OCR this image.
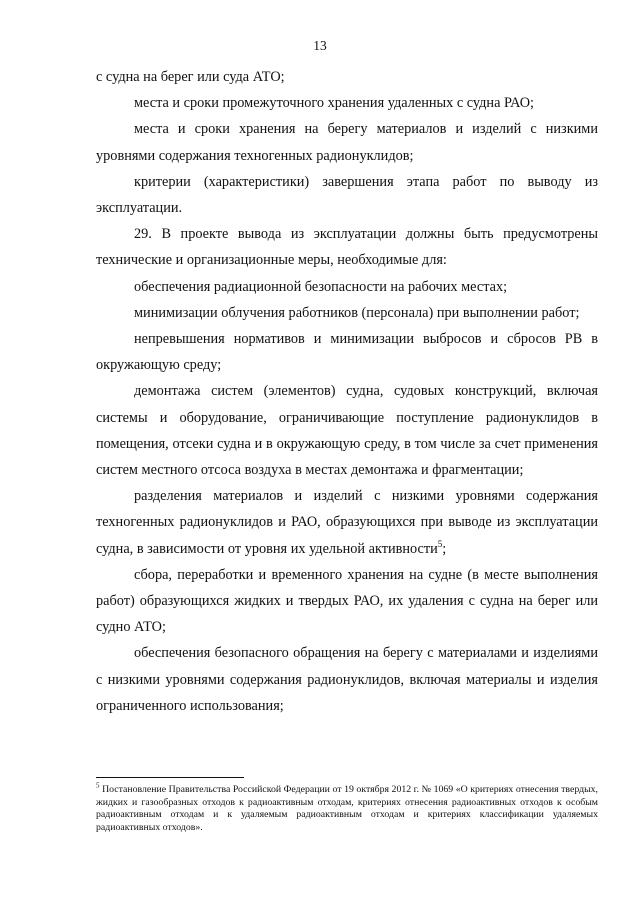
13

с судна на берег или суда АТО;

места и сроки промежуточного хранения удаленных с судна РАО;

места и сроки хранения на берегу материалов и изделий с низкими уровнями содержания техногенных радионуклидов;

критерии (характеристики) завершения этапа работ по выводу из эксплуатации.

29. В проекте вывода из эксплуатации должны быть предусмотрены технические и организационные меры, необходимые для:

обеспечения радиационной безопасности на рабочих местах;

минимизации облучения работников (персонала) при выполнении работ;

непревышения нормативов и минимизации выбросов и сбросов РВ в окружающую среду;

демонтажа систем (элементов) судна, судовых конструкций, включая системы и оборудование, ограничивающие поступление радионуклидов в помещения, отсеки судна и в окружающую среду, в том числе за счет применения систем местного отсоса воздуха в местах демонтажа и фрагментации;

разделения материалов и изделий с низкими уровнями содержания техногенных радионуклидов и РАО, образующихся при выводе из эксплуатации судна, в зависимости от уровня их удельной активности$^5$;

сбора, переработки и временного хранения на судне (в месте выполнения работ) образующихся жидких и твердых РАО, их удаления с судна на берег или судно АТО;

обеспечения безопасного обращения на берегу с материалами и изделиями с низкими уровнями содержания радионуклидов, включая материалы и изделия ограниченного использования;

$^5$ Постановление Правительства Российской Федерации от 19 октября 2012 г. № 1069 «О критериях отнесения твердых, жидких и газообразных отходов к радиоактивным отходам, критериях отнесения радиоактивных отходов к особым радиоактивным отходам и к удаляемым радиоактивным отходам и критериях классификации удаляемых радиоактивных отходов».
